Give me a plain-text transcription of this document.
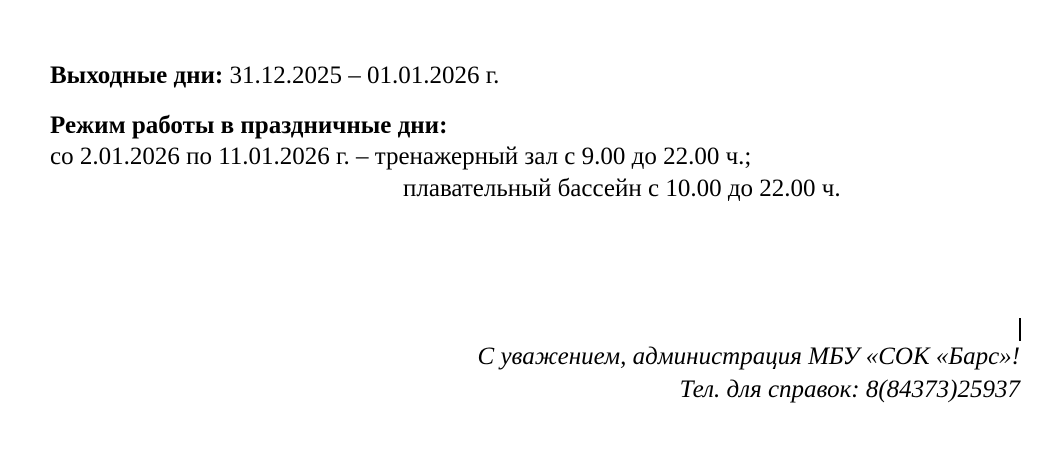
Выходные дни: 31.12.2025 – 01.01.2026 г.
Режим работы в праздничные дни:
со 2.01.2026 по 11.01.2026 г. – тренажерный зал с 9.00 до 22.00 ч.;
плавательный бассейн с 10.00 до 22.00 ч.
С уважением, администрация МБУ «СОК «Барс»!
Тел. для справок: 8(84373)25937
